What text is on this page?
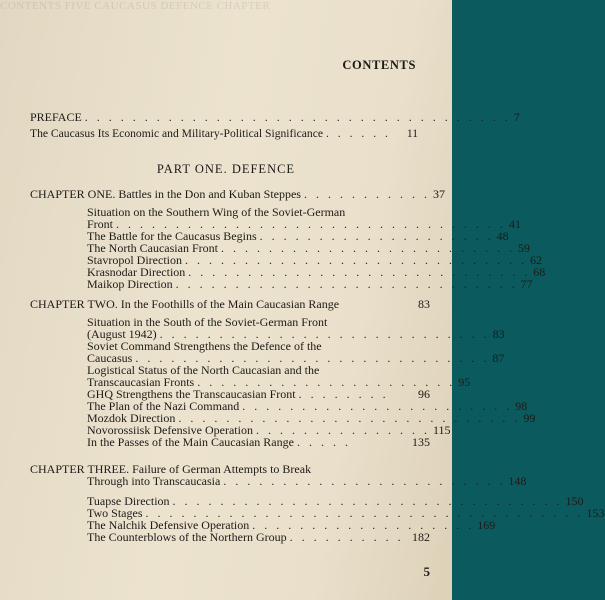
CONTENTS FIVE CAUCASUS DEFENCE CHAPTER
CONTENTS
PREFACE . . . . . . . . . . . . . . . . . . . . . . . . . . . . . . . . . . . . 7
The Caucasus Its Economic and Military-Political Significance . . . . . .	11
PART ONE. DEFENCE
CHAPTER ONE. Battles in the Don and Kuban Steppes . . . . . . . . . . . 37
Situation on the Southern Wing of the Soviet-German
Front . . . . . . . . . . . . . . . . . . . . . . . . . . . . . . . . . 41
The Battle for the Caucasus Begins . . . . . . . . . . . . . . . . . . . . 48
The North Caucasian Front . . . . . . . . . . . . . . . . . . . . . . . . . 59
Stavropol Direction . . . . . . . . . . . . . . . . . . . . . . . . . . . . . 62
Krasnodar Direction . . . . . . . . . . . . . . . . . . . . . . . . . . . . . 68
Maikop Direction . . . . . . . . . . . . . . . . . . . . . . . . . . . . . 77
CHAPTER TWO. In the Foothills of the Main Caucasian Range	83
Situation in the South of the Soviet-German Front
(August 1942) . . . . . . . . . . . . . . . . . . . . . . . . . . . . 83
Soviet Command Strengthens the Defence of the
Caucasus . . . . . . . . . . . . . . . . . . . . . . . . . . . . . . 87
Logistical Status of the North Caucasian and the
Transcaucasian Fronts . . . . . . . . . . . . . . . . . . . . . . 95
GHQ Strengthens the Transcaucasian Front . . . . . . . .	96
The Plan of the Nazi Command . . . . . . . . . . . . . . . . . . . . . . . 98
Mozdok Direction . . . . . . . . . . . . . . . . . . . . . . . . . . . . . 99
Novorossiisk Defensive Operation . . . . . . . . . . . . . . . 115
In the Passes of the Main Caucasian Range . . . . .	135
CHAPTER THREE. Failure of German Attempts to Break
Through into Transcaucasia . . . . . . . . . . . . . . . . . . . . . . . . 148
Tuapse Direction . . . . . . . . . . . . . . . . . . . . . . . . . . . . . . . . . 150
Two Stages . . . . . . . . . . . . . . . . . . . . . . . . . . . . . . . . . . . . . 153
The Nalchik Defensive Operation . . . . . . . . . . . . . . . . . . . 169
The Counterblows of the Northern Group . . . . . . . . . . 182
5
